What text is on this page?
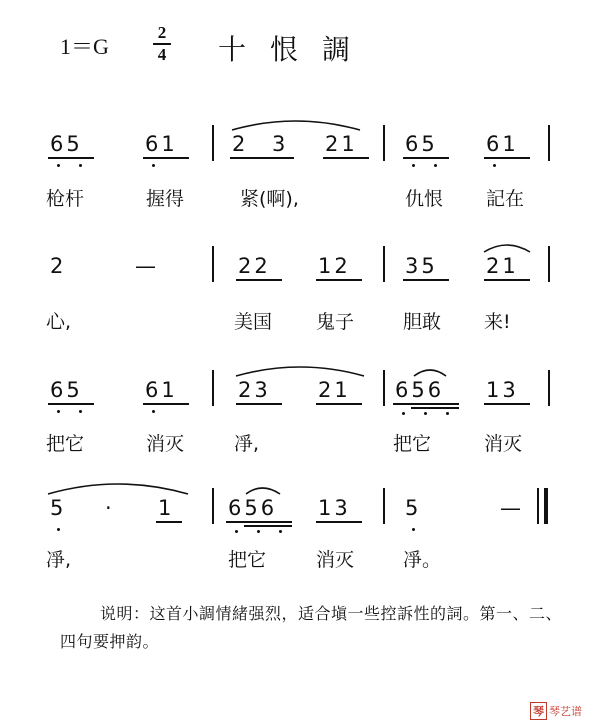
1＝G
2
4 十恨調
65	61	2 3 21 65 61
枪杆	握得	紧(啊),	仇恨 記在
2	—	22 12	35 21
心,	美国 鬼子	胆敢 来!
65	61	23 21 656 13
把它	消灭	凈,	把它	消灭
5 · 1	656 13	5	—
凈,	把它	消灭	凈。
说明：这首小調情緒强烈，适合塡一些控訴性的詞。第一、二、四句要押韵。
琴 琴艺谱
